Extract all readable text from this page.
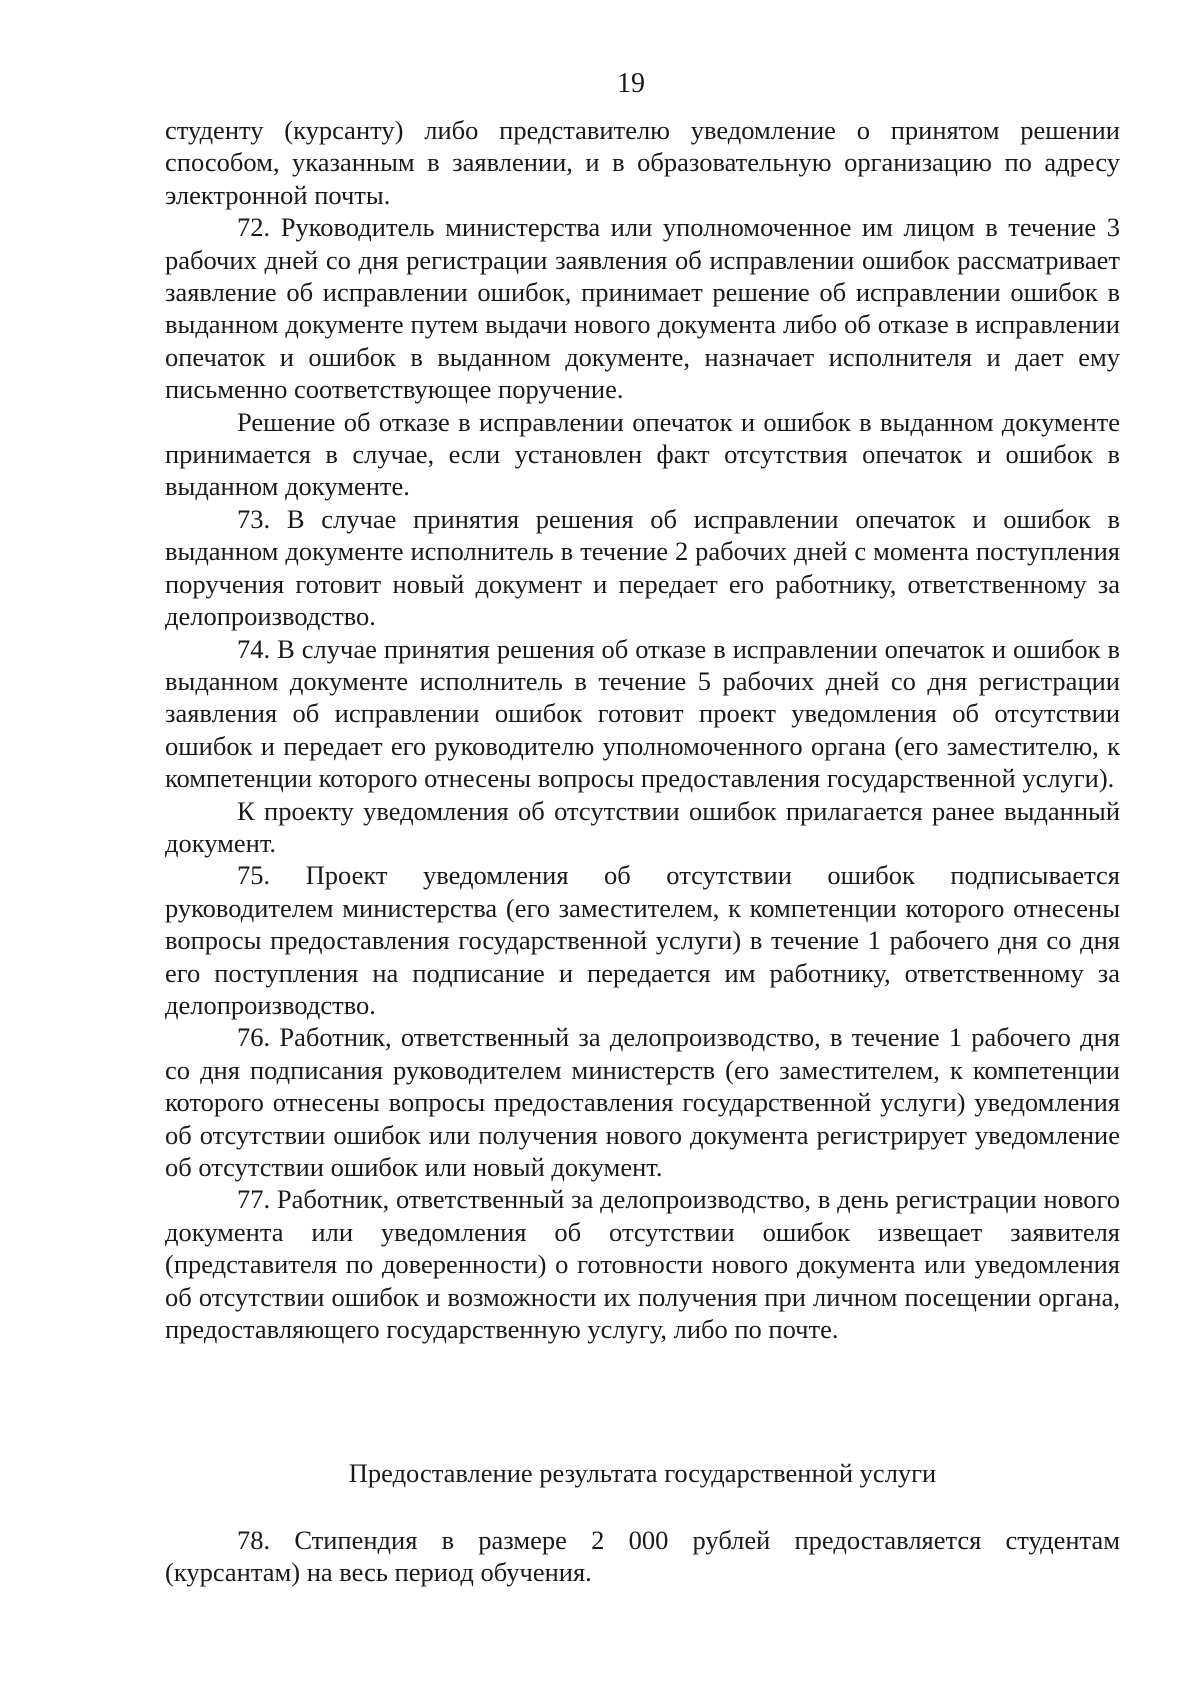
19

студенту (курсанту) либо представителю уведомление о принятом решении способом, указанным в заявлении, и в образовательную организацию по адресу электронной почты.

72. Руководитель министерства или уполномоченное им лицом в течение 3 рабочих дней со дня регистрации заявления об исправлении ошибок рассматривает заявление об исправлении ошибок, принимает решение об исправлении ошибок в выданном документе путем выдачи нового документа либо об отказе в исправлении опечаток и ошибок в выданном документе, назначает исполнителя и дает ему письменно соответствующее поручение.

Решение об отказе в исправлении опечаток и ошибок в выданном документе принимается в случае, если установлен факт отсутствия опечаток и ошибок в выданном документе.

73. В случае принятия решения об исправлении опечаток и ошибок в выданном документе исполнитель в течение 2 рабочих дней с момента поступления поручения готовит новый документ и передает его работнику, ответственному за делопроизводство.

74. В случае принятия решения об отказе в исправлении опечаток и ошибок в выданном документе исполнитель в течение 5 рабочих дней со дня регистрации заявления об исправлении ошибок готовит проект уведомления об отсутствии ошибок и передает его руководителю уполномоченного органа (его заместителю, к компетенции которого отнесены вопросы предоставления государственной услуги).

К проекту уведомления об отсутствии ошибок прилагается ранее выданный документ.

75. Проект уведомления об отсутствии ошибок подписывается руководителем министерства (его заместителем, к компетенции которого отнесены вопросы предоставления государственной услуги) в течение 1 рабочего дня со дня его поступления на подписание и передается им работнику, ответственному за делопроизводство.

76. Работник, ответственный за делопроизводство, в течение 1 рабочего дня со дня подписания руководителем министерств (его заместителем, к компетенции которого отнесены вопросы предоставления государственной услуги) уведомления об отсутствии ошибок или получения нового документа регистрирует уведомление об отсутствии ошибок или новый документ.

77. Работник, ответственный за делопроизводство, в день регистрации нового документа или уведомления об отсутствии ошибок извещает заявителя (представителя по доверенности) о готовности нового документа или уведомления об отсутствии ошибок и возможности их получения при личном посещении органа, предоставляющего государственную услугу, либо по почте.

Предоставление результата государственной услуги

78. Стипендия в размере 2 000 рублей предоставляется студентам (курсантам) на весь период обучения.
